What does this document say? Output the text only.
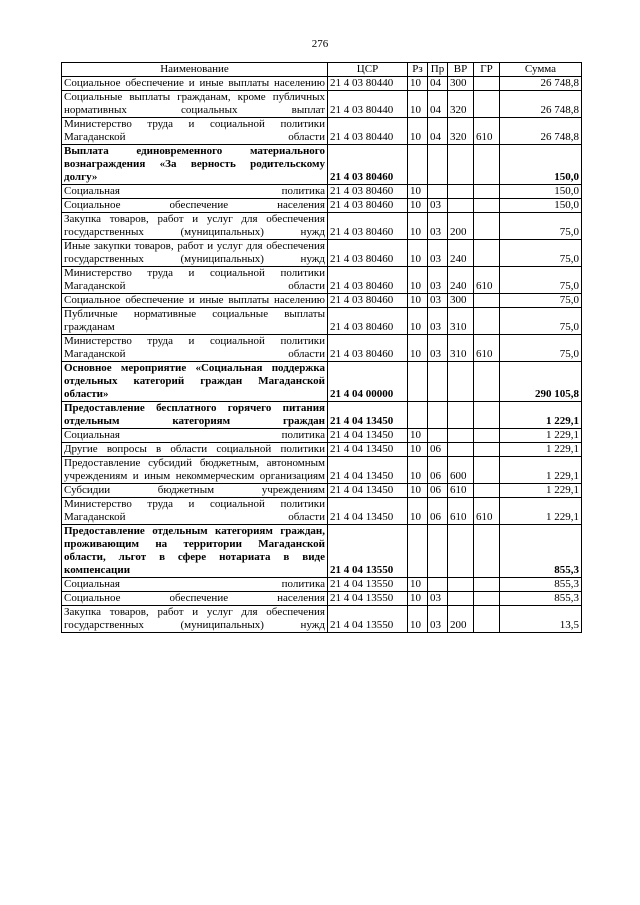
276
Наименование	ЦСР	Рз	Пр	ВР	ГР	Сумма
Социальное обеспечение и иные выплаты населению	21 4 03 80440	10	04	300		26 748,8
Социальные выплаты гражданам, кроме публичных нормативных социальных выплат	21 4 03 80440	10	04	320		26 748,8
Министерство труда и социальной политики Магаданской области	21 4 03 80440	10	04	320	610	26 748,8
Выплата единовременного материального вознаграждения «За верность родительскому долгу»	21 4 03 80460					150,0
Социальная политика	21 4 03 80460	10				150,0
Социальное обеспечение населения	21 4 03 80460	10	03			150,0
Закупка товаров, работ и услуг для обеспечения государственных (муниципальных) нужд	21 4 03 80460	10	03	200		75,0
Иные закупки товаров, работ и услуг для обеспечения государственных (муниципальных) нужд	21 4 03 80460	10	03	240		75,0
Министерство труда и социальной политики Магаданской области	21 4 03 80460	10	03	240	610	75,0
Социальное обеспечение и иные выплаты населению	21 4 03 80460	10	03	300		75,0
Публичные нормативные социальные выплаты гражданам	21 4 03 80460	10	03	310		75,0
Министерство труда и социальной политики Магаданской области	21 4 03 80460	10	03	310	610	75,0
Основное мероприятие «Социальная поддержка отдельных категорий граждан Магаданской области»	21 4 04 00000					290 105,8
Предоставление бесплатного горячего питания отдельным категориям граждан	21 4 04 13450					1 229,1
Социальная политика	21 4 04 13450	10				1 229,1
Другие вопросы в области социальной политики	21 4 04 13450	10	06			1 229,1
Предоставление субсидий бюджетным, автономным учреждениям и иным некоммерческим организациям	21 4 04 13450	10	06	600		1 229,1
Субсидии бюджетным учреждениям	21 4 04 13450	10	06	610		1 229,1
Министерство труда и социальной политики Магаданской области	21 4 04 13450	10	06	610	610	1 229,1
Предоставление отдельным категориям граждан, проживающим на территории Магаданской области, льгот в сфере нотариата в виде компенсации	21 4 04 13550					855,3
Социальная политика	21 4 04 13550	10				855,3
Социальное обеспечение населения	21 4 04 13550	10	03			855,3
Закупка товаров, работ и услуг для обеспечения государственных (муниципальных) нужд	21 4 04 13550	10	03	200		13,5
